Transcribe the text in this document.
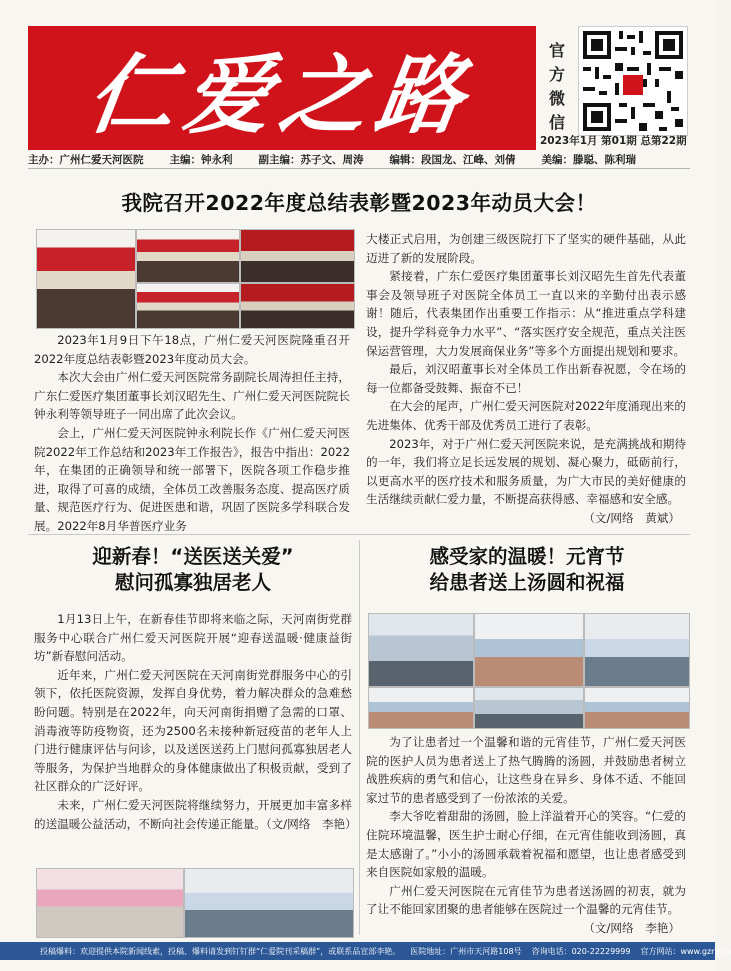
仁爱之路	官
方
微
信
2023年1月 第01期 总第22期
主办：广州仁爱天河医院 主编：钟永利 副主编：苏子文、周涛 编辑：段国龙、江峰、刘倩 美编：滕聪、陈利瑞
我院召开2022年度总结表彰暨2023年动员大会！

2023年1月9日下午18点，广州仁爱天河医院隆重召开2022年度总结表彰暨2023年度动员大会。

本次大会由广州仁爱天河医院常务副院长周涛担任主持，广东仁爱医疗集团董事长刘汉昭先生、广州仁爱天河医院院长钟永利等领导班子一同出席了此次会议。

会上，广州仁爱天河医院钟永利院长作《广州仁爱天河医院2022年工作总结和2023年工作报告》，报告中指出：2022年，在集团的正确领导和统一部署下，医院各项工作稳步推进，取得了可喜的成绩，全体员工改善服务态度、提高医疗质量、规范医疗行为、促进医患和谐，巩固了医院多学科联合发展。2022年8月华普医疗业务

大楼正式启用，为创建三级医院打下了坚实的硬件基础，从此迈进了新的发展阶段。

紧接着，广东仁爱医疗集团董事长刘汉昭先生首先代表董事会及领导班子对医院全体员工一直以来的辛勤付出表示感谢！随后，代表集团作出重要工作指示：从“推进重点学科建设，提升学科竞争力水平”、“落实医疗安全规范，重点关注医保运营管理，大力发展商保业务”等多个方面提出规划和要求。

最后，刘汉昭董事长对全体员工作出新春祝愿，令在场的每一位都备受鼓舞、振奋不已！

在大会的尾声，广州仁爱天河医院对2022年度涌现出来的先进集体、优秀干部及优秀员工进行了表彰。

2023年，对于广州仁爱天河医院来说，是充满挑战和期待的一年，我们将立足长远发展的规划、凝心聚力，砥砺前行，以更高水平的医疗技术和服务质量，为广大市民的美好健康的生活继续贡献仁爱力量，不断提高获得感、幸福感和安全感。

（文/网络　黄斌）
迎新春！“送医送关爱”
慰问孤寡独居老人

1月13日上午，在新春佳节即将来临之际，天河南街党群服务中心联合广州仁爱天河医院开展“迎春送温暖·健康益街坊”新春慰问活动。

近年来，广州仁爱天河医院在天河南街党群服务中心的引领下，依托医院资源，发挥自身优势，着力解决群众的急难愁盼问题。特别是在2022年，向天河南街捐赠了急需的口罩、消毒液等防疫物资，还为2500名未接种新冠疫苗的老年人上门进行健康评估与问诊，以及送医送药上门慰问孤寡独居老人等服务，为保护当地群众的身体健康做出了积极贡献，受到了社区群众的广泛好评。

未来，广州仁爱天河医院将继续努力，开展更加丰富多样的送温暖公益活动，不断向社会传递正能量。（文/网络　李艳）

感受家的温暖！元宵节
给患者送上汤圆和祝福

为了让患者过一个温馨和谐的元宵佳节，广州仁爱天河医院的医护人员为患者送上了热气腾腾的汤圆，并鼓励患者树立战胜疾病的勇气和信心，让这些身在异乡、身体不适、不能回家过节的患者感受到了一份浓浓的关爱。

李大爷吃着甜甜的汤圆，脸上洋溢着开心的笑容。“仁爱的住院环境温馨，医生护士耐心仔细，在元宵佳能收到汤圆，真是太感谢了。”小小的汤圆承载着祝福和愿望，也让患者感受到来自医院如家般的温暖。

广州仁爱天河医院在元宵佳节为患者送汤圆的初衷，就为了让不能回家团聚的患者能够在医院过一个温馨的元宵佳节。

（文/网络　李艳）
投稿爆料：欢迎提供本院新闻线索，投稿、爆料请发到钉钉群“仁爱院刊采稿群”，或联系品宣部李艳。 医院地址：广州市天河路108号 咨询电话：020-22229999 官方网站：www.gzra.cn
